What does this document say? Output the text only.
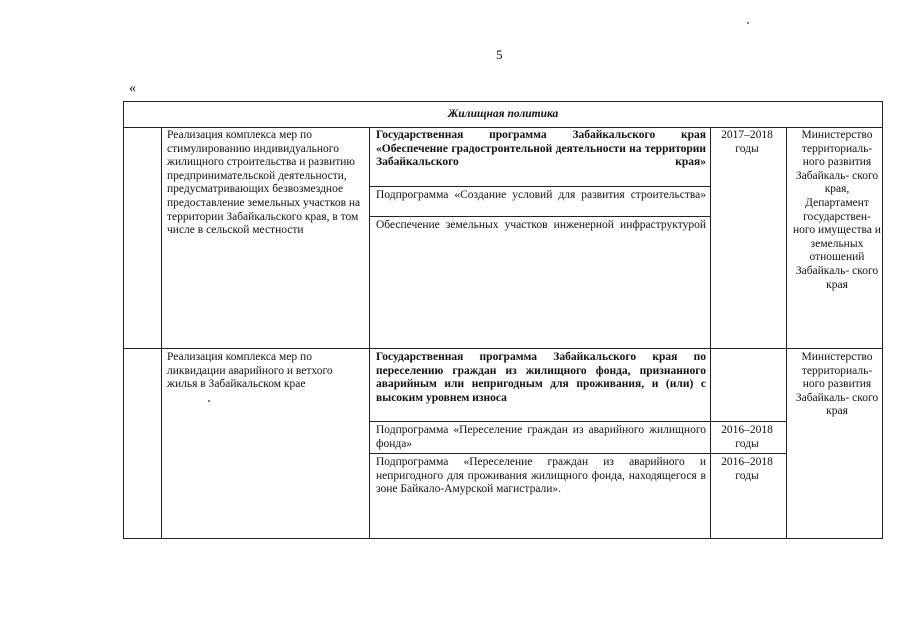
5
«
Жилищная политика
Реализация комплекса мер по стимулированию индивидуального жилищного строительства и развитию предпринимательской деятельности, предусматривающих безвозмездное предоставление земельных участков на территории Забайкальского края, в том числе в сельской местности
Государственная программа Забайкальского края «Обеспечение градостроительной деятельности на территории Забайкальского края»
Подпрограмма «Создание условий для развития строительства»
Обеспечение земельных участков инженерной инфраструктурой
2017–2018 годы
Министерство территориаль- ного развития Забайкаль- ского края, Департамент государствен- ного имущества и земельных отношений Забайкаль- ского края
Реализация комплекса мер по ликвидации аварийного и ветхого жилья в Забайкальском крае
Государственная программа Забайкальского края по переселению граждан из жилищного фонда, признанного аварийным или непригодным для проживания, и (или) с высоким уровнем износа
Подпрограмма «Переселение граждан из аварийного жилищного фонда»
Подпрограмма «Переселение граждан из аварийного и непригодного для проживания жилищного фонда, находящегося в зоне Байкало-Амурской магистрали».
2016–2018 годы
2016–2018 годы
Министерство территориаль- ного развития Забайкаль- ского края
